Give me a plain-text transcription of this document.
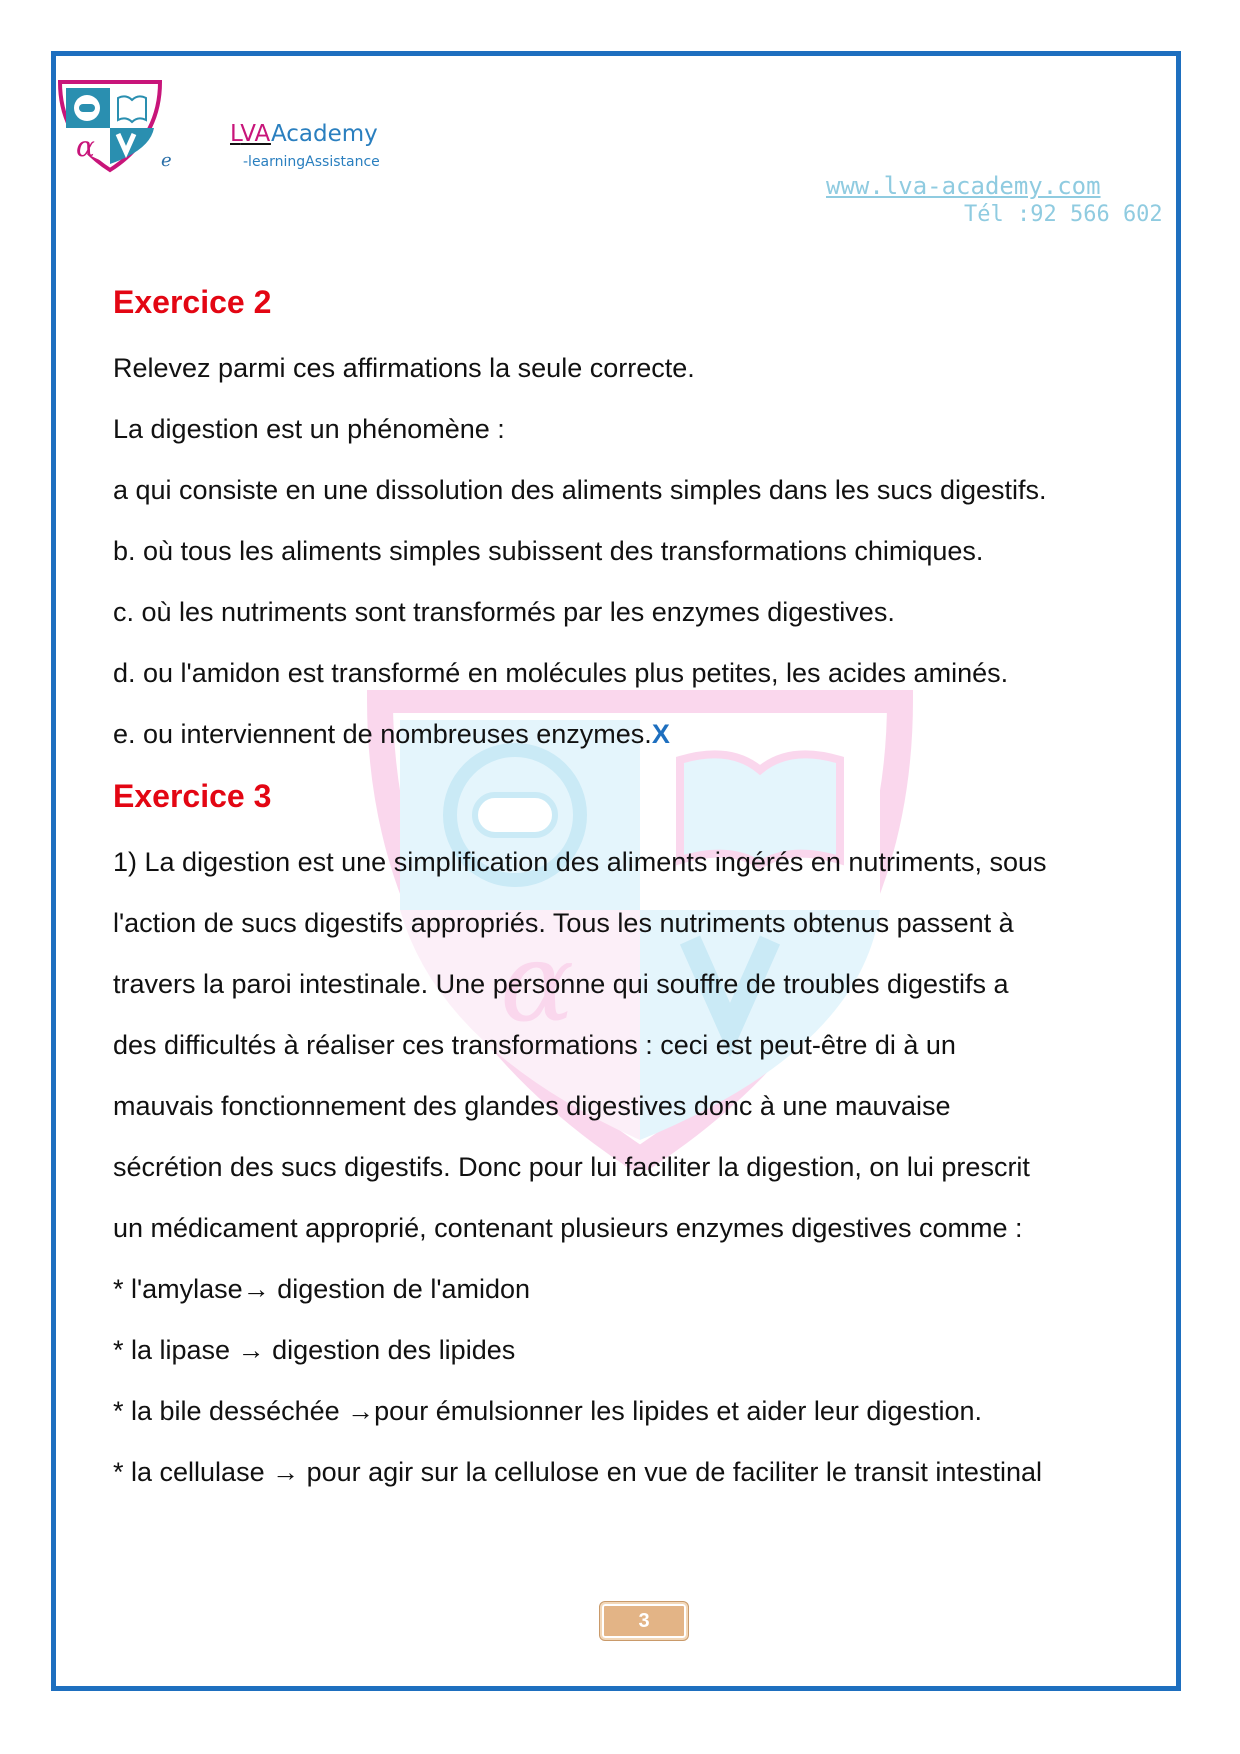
α
α	e
LVAAcademy
-learningAssistance
www.lva-academy.com
Tél :92 566 602
Exercice 2
Relevez parmi ces affirmations la seule correcte.
La digestion est un phénomène :
a qui consiste en une dissolution des aliments simples dans les sucs digestifs.
b. où tous les aliments simples subissent des transformations chimiques.
c. où les nutriments sont transformés par les enzymes digestives.
d. ou l'amidon est transformé en molécules plus petites, les acides aminés.
e. ou interviennent de nombreuses enzymes.X
Exercice 3
1) La digestion est une simplification des aliments ingérés en nutriments, sous
l'action de sucs digestifs appropriés. Tous les nutriments obtenus passent à
travers la paroi intestinale. Une personne qui souffre de troubles digestifs a
des difficultés à réaliser ces transformations : ceci est peut-être di à un
mauvais fonctionnement des glandes digestives donc à une mauvaise
sécrétion des sucs digestifs. Donc pour lui faciliter la digestion, on lui prescrit
un médicament approprié, contenant plusieurs enzymes digestives comme :
* l'amylase→ digestion de l'amidon
* la lipase → digestion des lipides
* la bile desséchée →pour émulsionner les lipides et aider leur digestion.
* la cellulase → pour agir sur la cellulose en vue de faciliter le transit intestinal
3
